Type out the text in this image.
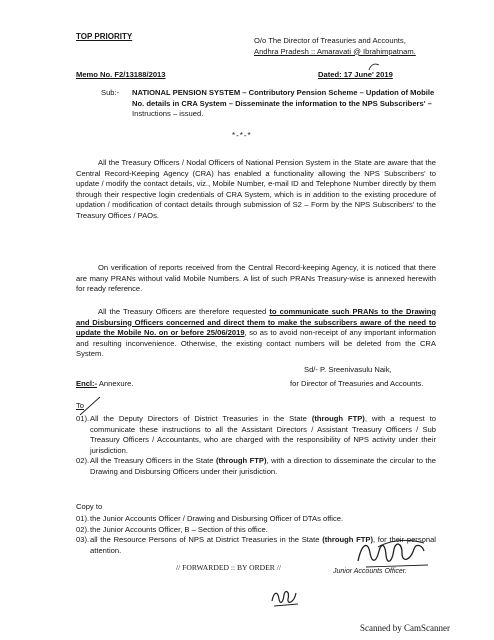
TOP PRIORITY	O/o The Director of Treasuries and Accounts,
Andhra Pradesh :: Amaravati @ Ibrahimpatnam.
Memo No. F2/13188/2013	Dated: 17 June' 2019
Sub:-	NATIONAL PENSION SYSTEM – Contributory Pension Scheme – Updation of Mobile No. details in CRA System – Disseminate the information to the NPS Subscribers' – Instructions – issued.
*-*-*

All the Treasury Officers / Nodal Officers of National Pension System in the State are aware that the Central Record-Keeping Agency (CRA) has enabled a functionality allowing the NPS Subscribers' to update / modify the contact details, viz., Mobile Number, e-mail ID and Telephone Number directly by them through their respective login credentials of CRA System, which is in addition to the existing procedure of updation / modification of contact details through submission of S2 – Form by the NPS Subscribers' to the Treasury Offices / PAOs.

On verification of reports received from the Central Record-keeping Agency, it is noticed that there are many PRANs without valid Mobile Numbers. A list of such PRANs Treasury-wise is annexed herewith for ready reference.

All the Treasury Officers are therefore requested to communicate such PRANs to the Drawing and Disbursing Officers concerned and direct them to make the subscribers aware of the need to update the Mobile No. on or before 25/06/2019, so as to avoid non-receipt of any important information and resulting inconvenience. Otherwise, the existing contact numbers will be deleted from the CRA System.

Sd/- P. Sreenivasulu Naik,
Encl:- Annexure.	for Director of Treasuries and Accounts.
To
01). All the Deputy Directors of District Treasuries in the State (through FTP), with a request to communicate these instructions to all the Assistant Directors / Assistant Treasury Officers / Sub Treasury Officers / Accountants, who are charged with the responsibility of NPS activity under their jurisdiction.
02). All the Treasury Officers in the State (through FTP), with a direction to disseminate the circular to the Drawing and Disbursing Officers under their jurisdiction.
Copy to
01). the Junior Accounts Officer / Drawing and Disbursing Officer of DTAs office.
02). the Junior Accounts Officer, B – Section of this office.
03). all the Resource Persons of NPS at District Treasuries in the State (through FTP), for their personal attention.
// FORWARDED :: BY ORDER //	Junior Accounts Officer.
Scanned by CamScanner
